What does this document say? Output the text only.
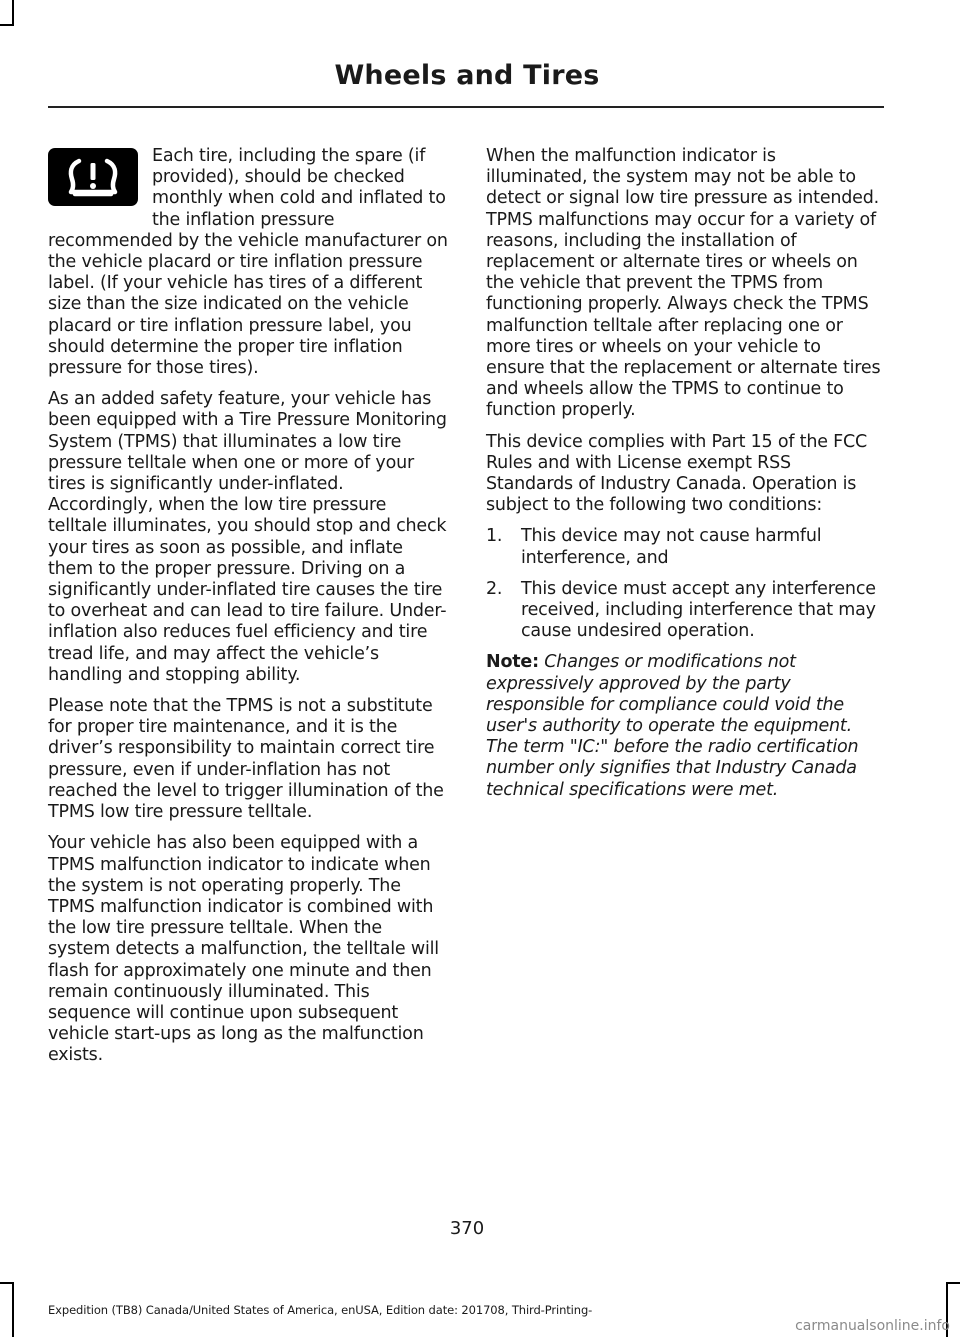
Wheels and Tires

Each tire, including the spare (if provided), should be checked monthly when cold and inflated to the inflation pressure recommended by the vehicle manufacturer on the vehicle placard or tire inflation pressure label. (If your vehicle has tires of a different size than the size indicated on the vehicle placard or tire inflation pressure label, you should determine the proper tire inflation pressure for those tires).

As an added safety feature, your vehicle has been equipped with a Tire Pressure Monitoring System (TPMS) that illuminates a low tire pressure telltale when one or more of your tires is significantly under-inflated. Accordingly, when the low tire pressure telltale illuminates, you should stop and check your tires as soon as possible, and inflate them to the proper pressure. Driving on a significantly under-inflated tire causes the tire to overheat and can lead to tire failure. Under-inflation also reduces fuel efficiency and tire tread life, and may affect the vehicle’s handling and stopping ability.

Please note that the TPMS is not a substitute for proper tire maintenance, and it is the driver’s responsibility to maintain correct tire pressure, even if under-inflation has not reached the level to trigger illumination of the TPMS low tire pressure telltale.

Your vehicle has also been equipped with a TPMS malfunction indicator to indicate when the system is not operating properly. The TPMS malfunction indicator is combined with the low tire pressure telltale. When the system detects a malfunction, the telltale will flash for approximately one minute and then remain continuously illuminated. This sequence will continue upon subsequent vehicle start-ups as long as the malfunction exists.

When the malfunction indicator is illuminated, the system may not be able to detect or signal low tire pressure as intended. TPMS malfunctions may occur for a variety of reasons, including the installation of replacement or alternate tires or wheels on the vehicle that prevent the TPMS from functioning properly. Always check the TPMS malfunction telltale after replacing one or more tires or wheels on your vehicle to ensure that the replacement or alternate tires and wheels allow the TPMS to continue to function properly.

This device complies with Part 15 of the FCC Rules and with License exempt RSS Standards of Industry Canada. Operation is subject to the following two conditions:

1. This device may not cause harmful interference, and
2. This device must accept any interference received, including interference that may cause undesired operation.

Note: Changes or modifications not expressively approved by the party responsible for compliance could void the user's authority to operate the equipment. The term "IC:" before the radio certification number only signifies that Industry Canada technical specifications were met.

370
Expedition (TB8) Canada/United States of America, enUSA, Edition date: 201708, Third-Printing-
carmanualsonline.info
